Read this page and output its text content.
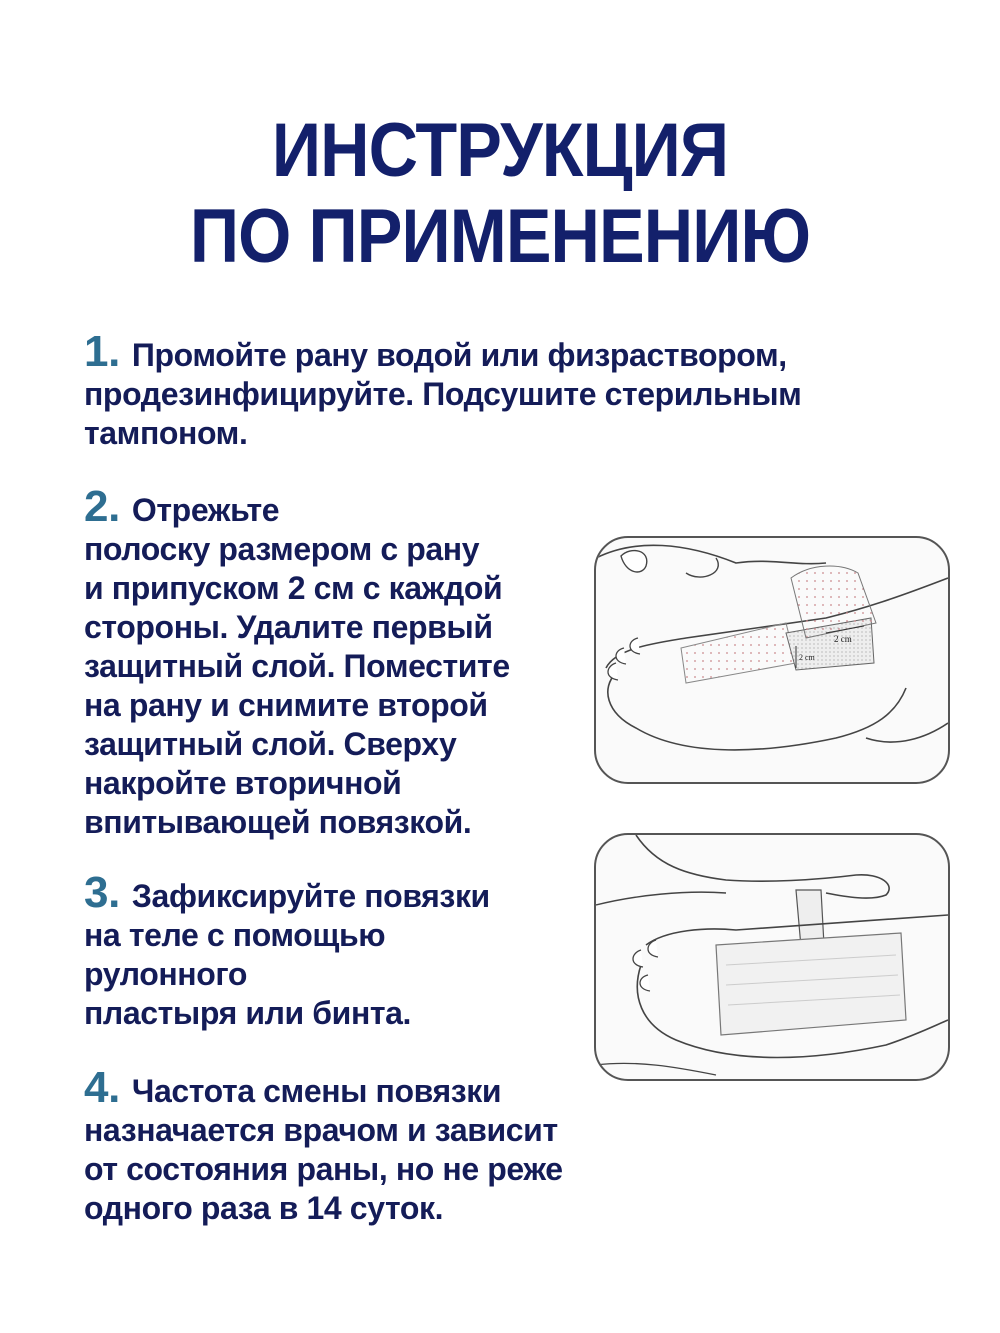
ИНСТРУКЦИЯ
ПО ПРИМЕНЕНИЮ
1. Промойте рану водой или физраствором,
продезинфицируйте. Подсушите стерильным
тампоном.
2. Отрежьте
полоску размером с рану
и припуском 2 см с каждой
стороны. Удалите первый
защитный слой. Поместите
на рану и снимите второй
защитный слой. Сверху
накройте вторичной
впитывающей повязкой.
3. Зафиксируйте повязки
на теле с помощью
рулонного
пластыря или бинта.
4. Частота смены повязки
назначается врачом и зависит
от состояния раны, но не реже
одного раза в 14 суток.
2 cm
2 cm
